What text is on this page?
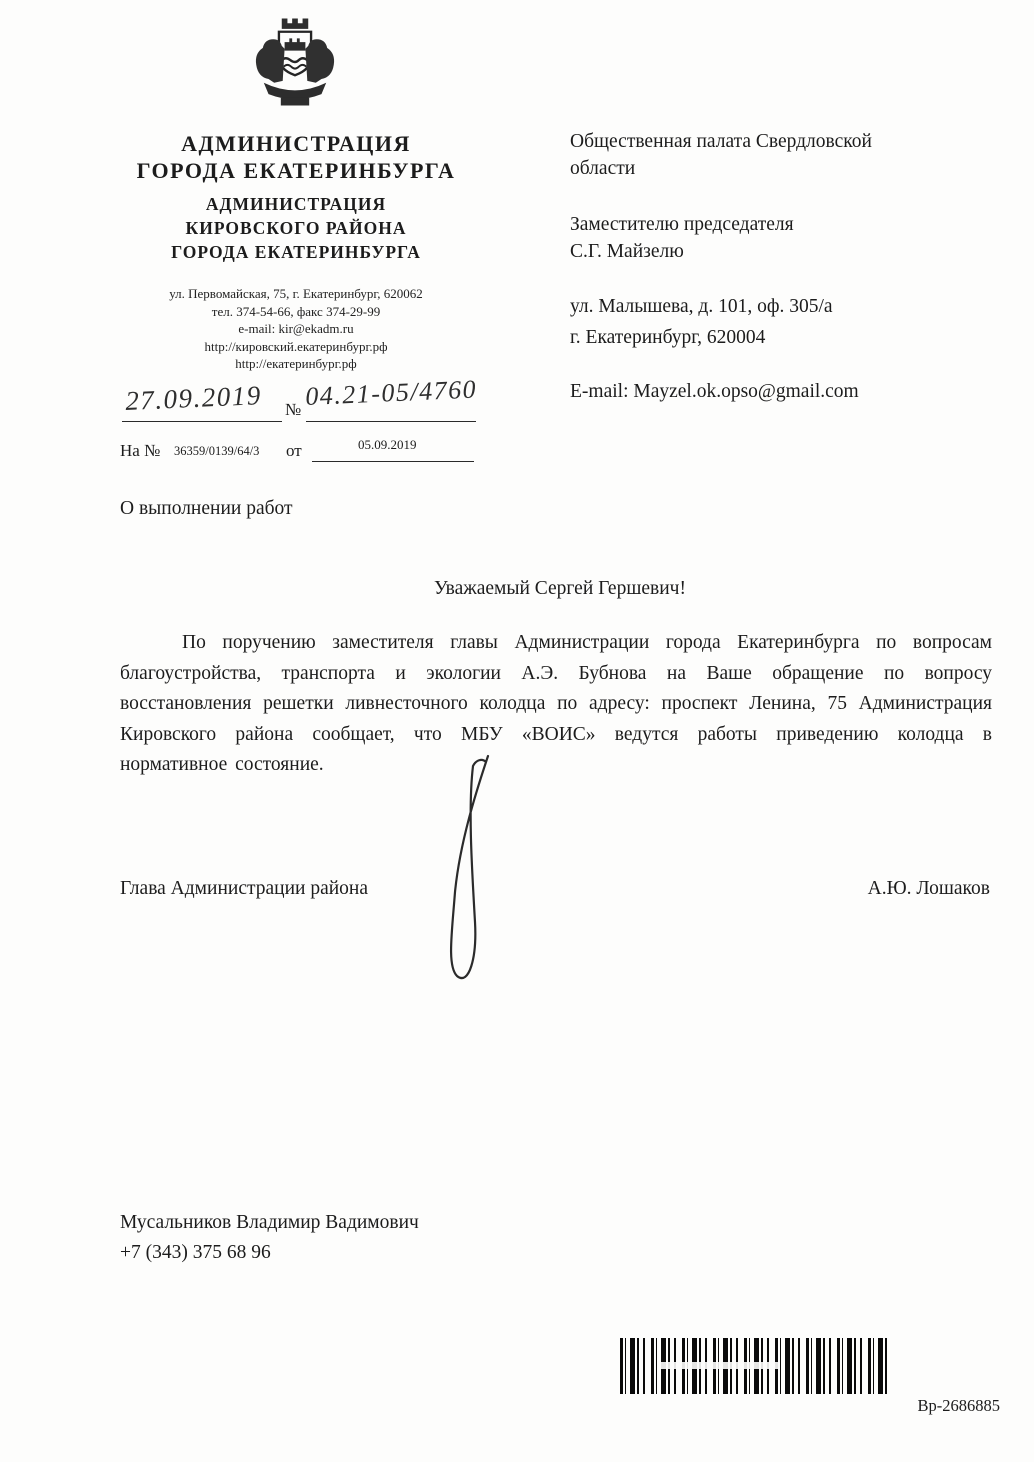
АДМИНИСТРАЦИЯ
ГОРОДА ЕКАТЕРИНБУРГА
АДМИНИСТРАЦИЯ
КИРОВСКОГО РАЙОНА
ГОРОДА ЕКАТЕРИНБУРГА
ул. Первомайская, 75, г. Екатеринбург, 620062
тел. 374-54-66, факс 374-29-99
e-mail: kir@ekadm.ru
http://кировский.екатеринбург.рф
http://екатеринбург.рф
27.09.2019 № 04.21-05/4760
На № 36359/0139/64/3 от	05.09.2019
Общественная палата Свердловской
области
Заместителю председателя
С.Г. Майзелю
ул. Малышева, д. 101, оф. 305/а
г. Екатеринбург, 620004
E-mail: Mayzel.ok.opso@gmail.com
О выполнении работ
Уважаемый Сергей Гершевич!
По поручению заместителя главы Администрации города Екатеринбурга по вопросам благоустройства, транспорта и экологии А.Э. Бубнова на Ваше обращение по вопросу восстановления решетки ливнесточного колодца по адресу: проспект Ленина, 75 Администрация Кировского района сообщает, что МБУ «ВОИС» ведутся работы приведению колодца в нормативное состояние.
Глава Администрации района	А.Ю. Лошаков
Мусальников Владимир Вадимович
+7 (343) 375 68 96
Вр-2686885
